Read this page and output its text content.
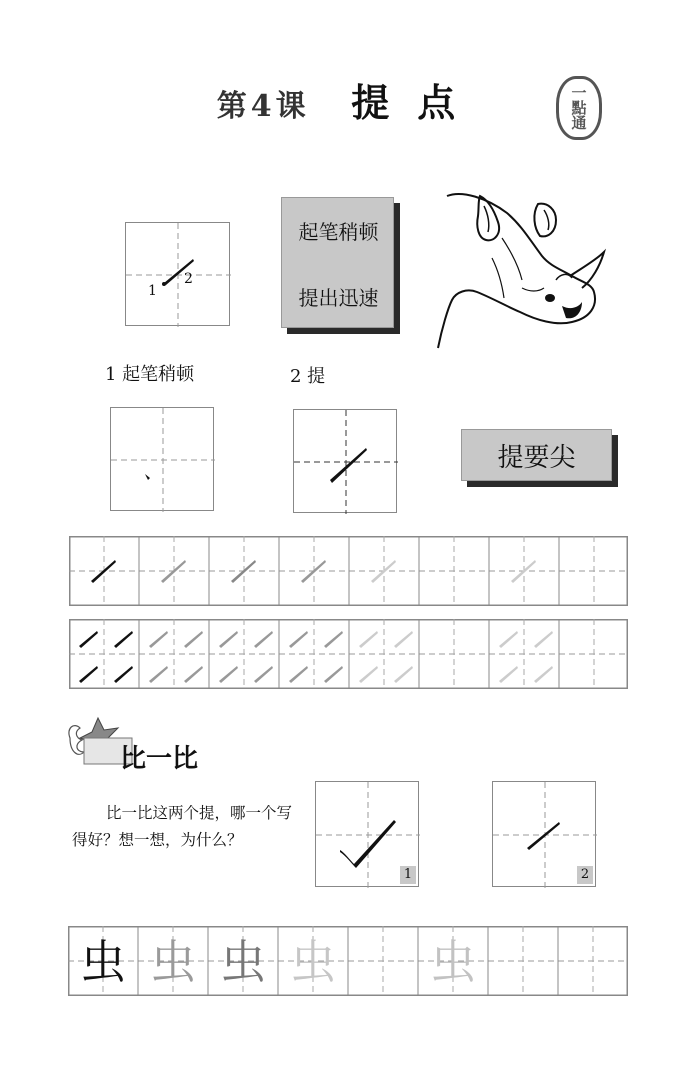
第4课 提点	一
點
通
1
2
起笔稍顿
提出迅速
1 起笔稍顿	2 提
提要尖
比一比
比一比这两个提，哪一个写得好？想一想，为什么？
1	2
虫 虫 虫 虫 虫
